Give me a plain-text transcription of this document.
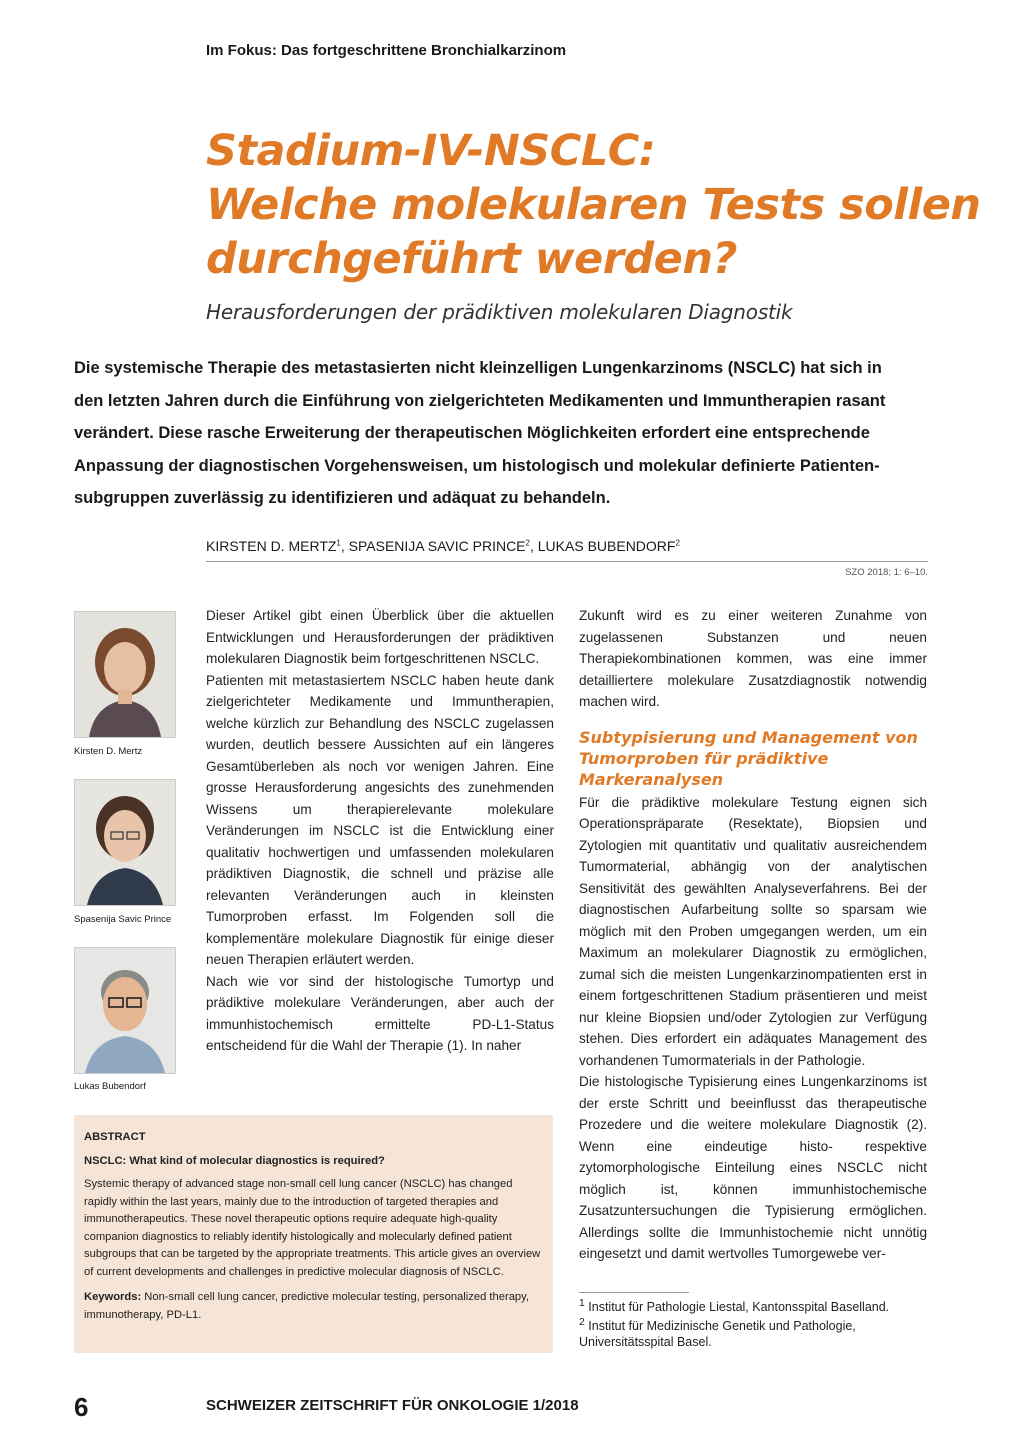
Im Fokus: Das fortgeschrittene Bronchialkarzinom
Stadium-IV-NSCLC:
Welche molekularen Tests sollen
durchgeführt werden?
Herausforderungen der prädiktiven molekularen Diagnostik
Die systemische Therapie des metastasierten nicht kleinzelligen Lungenkarzinoms (NSCLC) hat sich in
den letzten Jahren durch die Einführung von zielgerichteten Medikamenten und Immuntherapien rasant
verändert. Diese rasche Erweiterung der therapeutischen Möglichkeiten erfordert eine entsprechende
Anpassung der diagnostischen Vorgehensweisen, um histologisch und molekular definierte Patienten-
subgruppen zuverlässig zu identifizieren und adäquat zu behandeln.
KIRSTEN D. MERTZ$^1$, SPASENIJA SAVIC PRINCE$^2$, LUKAS BUBENDORF$^2$
SZO 2018; 1: 6–10.
Kirsten D. Mertz
Spasenija Savic Prince
Lukas Bubendorf

Dieser Artikel gibt einen Überblick über die aktuellen Entwicklungen und Herausforderungen der prädiktiven molekularen Diagnostik beim fortgeschrittenen NSCLC.

Patienten mit metastasiertem NSCLC haben heute dank zielgerichteter Medikamente und Immuntherapien, welche kürzlich zur Behandlung des NSCLC zugelassen wurden, deutlich bessere Aussichten auf ein längeres Gesamtüberleben als noch vor wenigen Jahren. Eine grosse Herausforderung angesichts des zunehmenden Wissens um therapierelevante molekulare Veränderungen im NSCLC ist die Entwicklung einer qualitativ hochwertigen und umfassenden molekularen prädiktiven Diagnostik, die schnell und präzise alle relevanten Veränderungen auch in kleinsten Tumorproben erfasst. Im Folgenden soll die komplementäre molekulare Diagnostik für einige dieser neuen Therapien erläutert werden.

Nach wie vor sind der histologische Tumortyp und prädiktive molekulare Veränderungen, aber auch der immunhistochemisch ermittelte PD-L1-Status entscheidend für die Wahl der Therapie (1). In naher

Zukunft wird es zu einer weiteren Zunahme von zugelassenen Substanzen und neuen Therapiekombinationen kommen, was eine immer detailliertere molekulare Zusatzdiagnostik notwendig machen wird.

Subtypisierung und Management von Tumorproben für prädiktive Markeranalysen

Für die prädiktive molekulare Testung eignen sich Operationspräparate (Resektate), Biopsien und Zytologien mit quantitativ und qualitativ ausreichendem Tumormaterial, abhängig von der analytischen Sensitivität des gewählten Analyseverfahrens. Bei der diagnostischen Aufarbeitung sollte so sparsam wie möglich mit den Proben umgegangen werden, um ein Maximum an molekularer Diagnostik zu ermöglichen, zumal sich die meisten Lungenkarzinompatienten erst in einem fortgeschrittenen Stadium präsentieren und meist nur kleine Biopsien und/oder Zytologien zur Verfügung stehen. Dies erfordert ein adäquates Management des vorhandenen Tumormaterials in der Pathologie.

Die histologische Typisierung eines Lungenkarzinoms ist der erste Schritt und beeinflusst das therapeutische Prozedere und die weitere molekulare Diagnostik (2). Wenn eine eindeutige histo- respektive zytomorphologische Einteilung eines NSCLC nicht möglich ist, können immunhistochemische Zusatzuntersuchungen die Typisierung ermöglichen. Allerdings sollte die Immunhistochemie nicht unnötig eingesetzt und damit wertvolles Tumorgewebe ver-

ABSTRACT
NSCLC: What kind of molecular diagnostics is required?
Systemic therapy of advanced stage non-small cell lung cancer (NSCLC) has changed rapidly within the last years, mainly due to the introduction of targeted therapies and immunotherapeutics. These novel therapeutic options require adequate high-quality companion diagnostics to reliably identify histologically and molecularly defined patient subgroups that can be targeted by the appropriate treatments. This article gives an overview of current developments and challenges in predictive molecular diagnosis of NSCLC.
Keywords: Non-small cell lung cancer, predictive molecular testing, personalized therapy, immunotherapy, PD-L1.
$^1$ Institut für Pathologie Liestal, Kantonsspital Baselland.
$^2$ Institut für Medizinische Genetik und Pathologie, Universitätsspital Basel.
6	SCHWEIZER ZEITSCHRIFT FÜR ONKOLOGIE 1/2018
